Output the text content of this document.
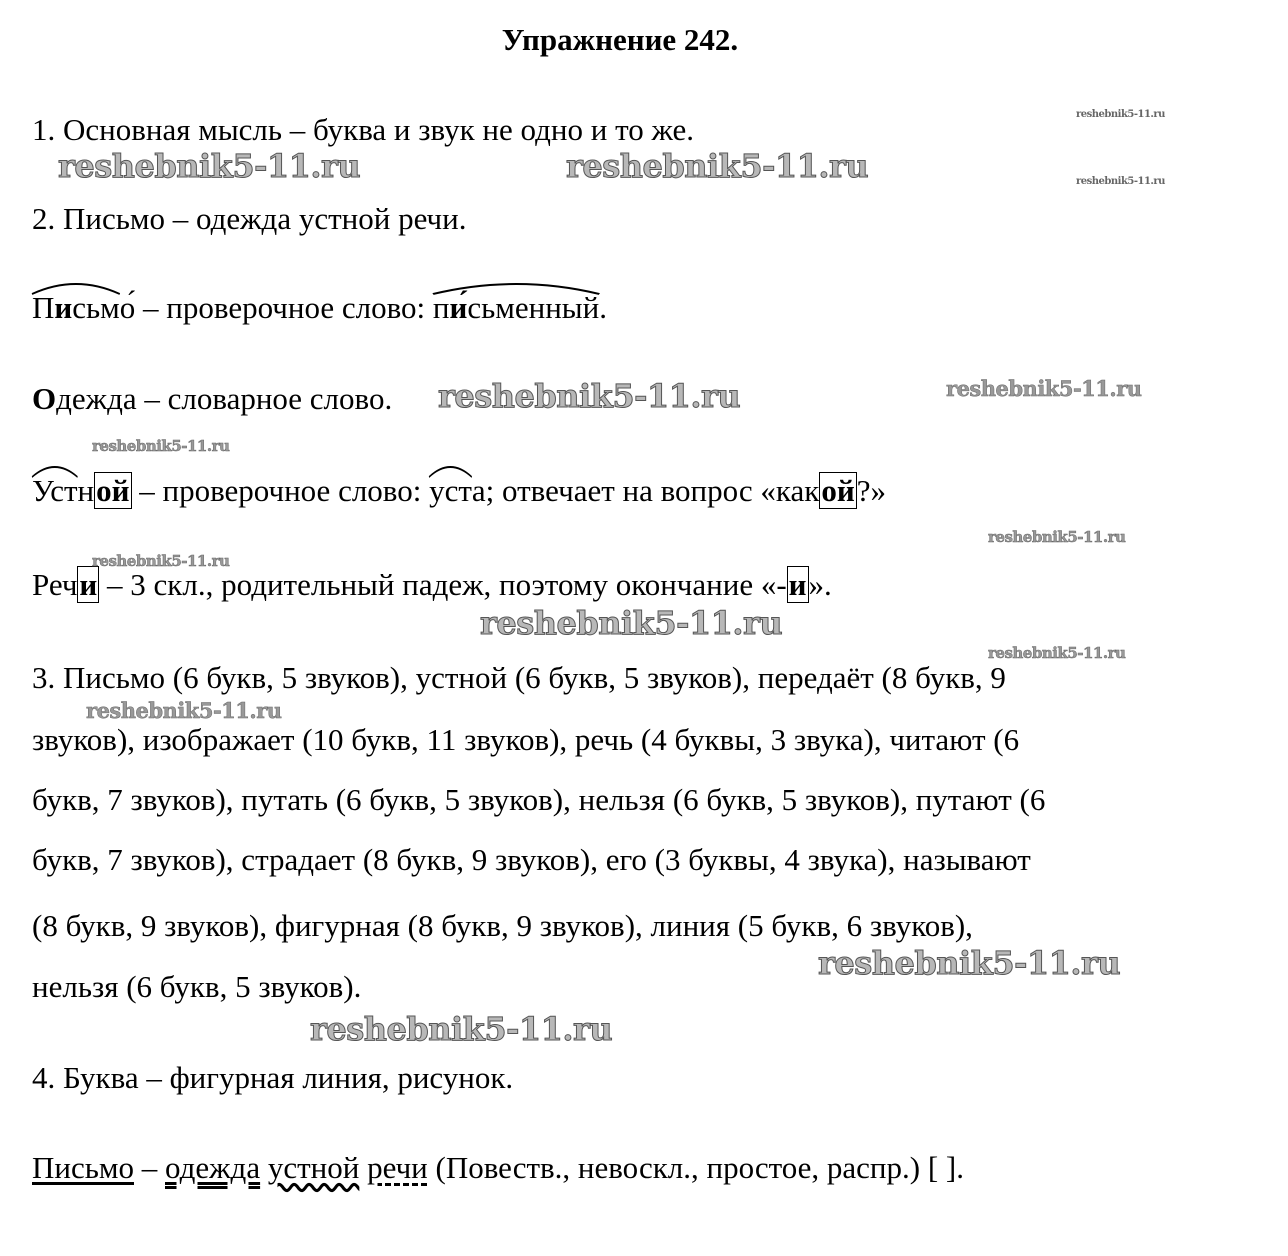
Упражнение 242.
1. Основная мысль – буква и звук не одно и то же.
2. Письмо – одежда устной речи.
Письмо́ – проверочное слово:
пи́сьменный.
Одежда – словарное слово.
Устной – проверочное слово:
уста; отвечает на вопрос «какой?»
Речи – 3 скл., родительный падеж, поэтому окончание «-и».
3. Письмо (6 букв, 5 звуков), устной (6 букв, 5 звуков), передаёт (8 букв, 9
звуков), изображает (10 букв, 11 звуков), речь (4 буквы, 3 звука), читают (6
букв, 7 звуков), путать (6 букв, 5 звуков), нельзя (6 букв, 5 звуков), путают (6
букв, 7 звуков), страдает (8 букв, 9 звуков), его (3 буквы, 4 звука), называют
(8 букв, 9 звуков), фигурная (8 букв, 9 звуков), линия (5 букв, 6 звуков),
нельзя (6 букв, 5 звуков).
4. Буква – фигурная линия, рисунок.
Письмо – одежда устной речи (Повеств., невоскл., простое, распр.) [ ].
reshebnik5-11.ru	reshebnik5-11.ru
reshebnik5-11.ru
reshebnik5-11.ru
reshebnik5-11.ru
reshebnik5-11.ru
reshebnik5-11.ru
reshebnik5-11.ru
reshebnik5-11.ru
reshebnik5-11.ru
reshebnik5-11.ru
reshebnik5-11.ru
reshebnik5-11.ru
reshebnik5-11.ru
